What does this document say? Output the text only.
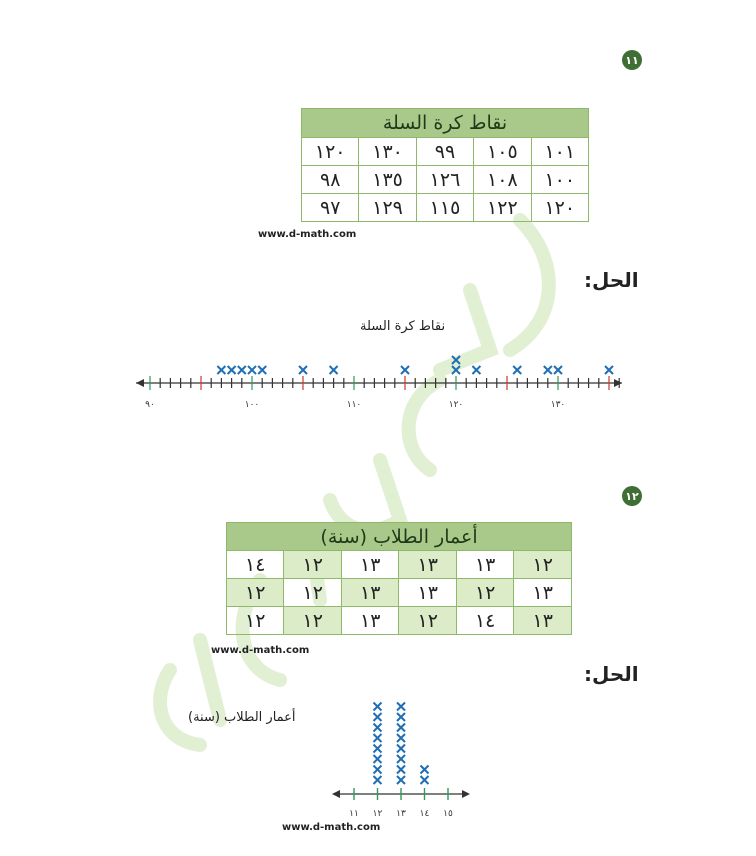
١١
نقاط كرة السلة				
١٢٠	١٣٠	٩٩	١٠٥	١٠١
٩٨	١٣٥	١٢٦	١٠٨	١٠٠
٩٧	١٢٩	١١٥	١٢٢	١٢٠
www.d-math.com
الحل:
نقاط كرة السلة
٩٠	١٠٠	١١٠	١٢٠	١٣٠
١٢
أعمار الطلاب (سنة)					
١٤	١٢	١٣	١٣	١٣	١٢
١٢	١٢	١٣	١٣	١٢	١٣
١٢	١٢	١٣	١٢	١٤	١٣
www.d-math.com
الحل:
أعمار الطلاب (سنة)
١١ ١٢ ١٣ ١٤ ١٥
www.d-math.com
